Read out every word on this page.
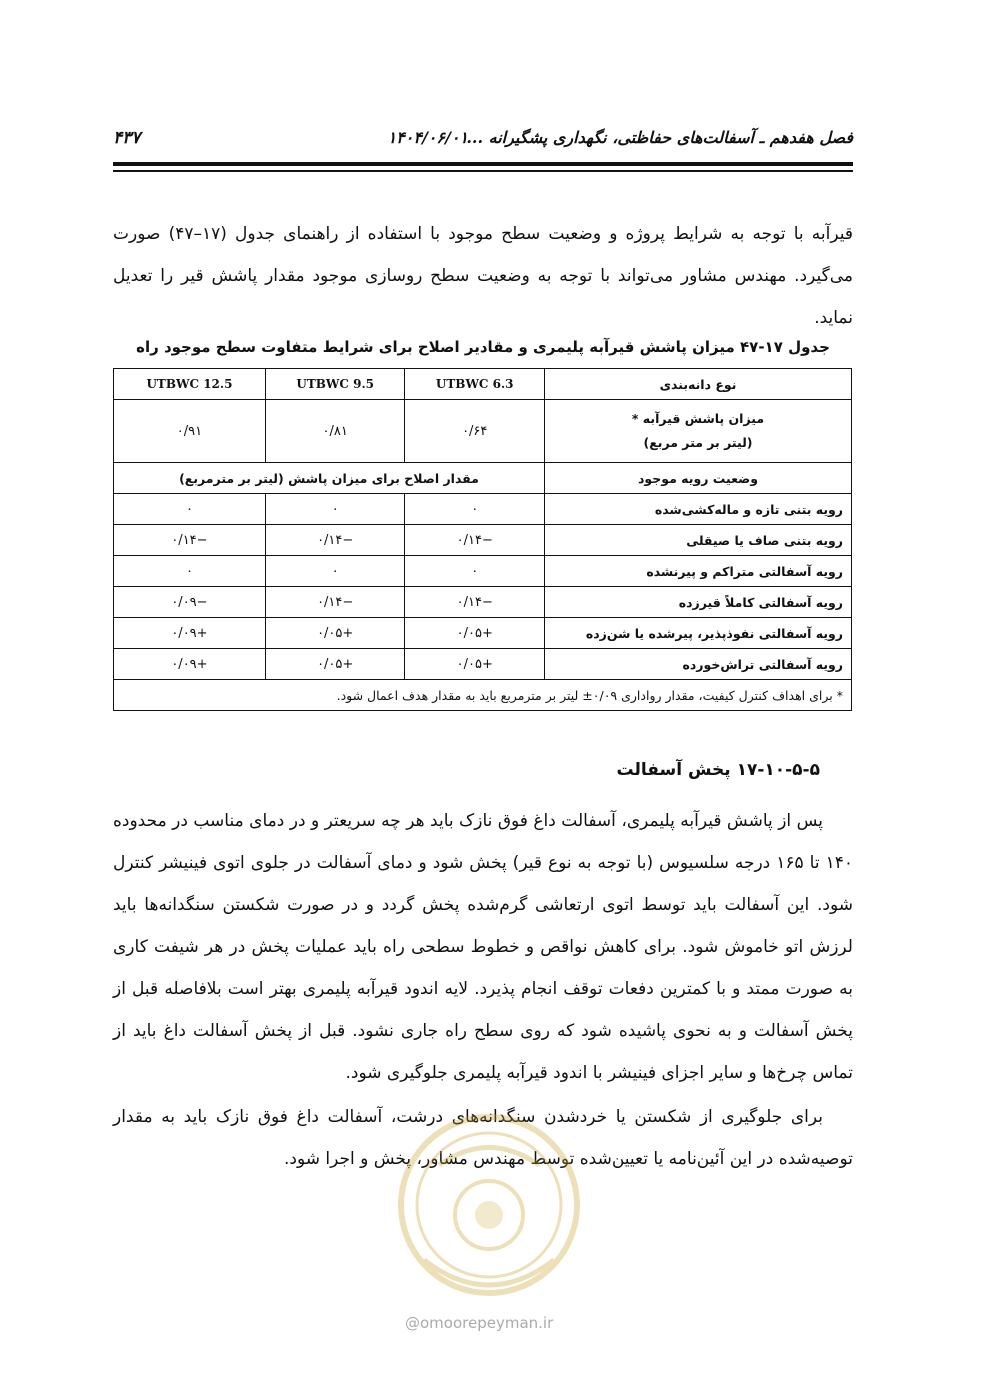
فصل هفدهم ـ آسفالت‌های حفاظتی، نگهداری پشگیرانه ...
۱۴۰۴/۰۶/۰۱
۴۳۷
قیرآبه با توجه به شرایط پروژه و وضعیت سطح موجود با استفاده از راهنمای جدول (۱۷–۴۷) صورت می‌گیرد. مهندس مشاور می‌تواند با توجه به وضعیت سطح روسازی موجود مقدار پاشش قیر را تعدیل نماید.
جدول ۱۷-۴۷ میزان پاشش قیرآبه پلیمری و مقادیر اصلاح برای شرایط متفاوت سطح موجود راه
نوع دانه‌بندی	UTBWC 6.3	UTBWC 9.5	UTBWC 12.5

میزان پاشش قیرآبه *
(لیتر بر متر مربع)	۰/۶۴	۰/۸۱	۰/۹۱
وضعیت رویه موجود	مقدار اصلاح برای میزان پاشش (لیتر بر مترمربع)		
رویه بتنی تازه و ماله‌کشی‌شده	۰	۰	۰
رویه بتنی صاف یا صیقلی	−۰/۱۴	−۰/۱۴	−۰/۱۴
رویه آسفالتی متراکم و پیرنشده	۰	۰	۰
رویه آسفالتی کاملاً قیرزده	−۰/۱۴	−۰/۱۴	−۰/۰۹
رویه آسفالتی نفوذپذیر، پیرشده یا شن‌زده	+۰/۰۵	+۰/۰۵	+۰/۰۹
رویه آسفالتی تراش‌خورده	+۰/۰۵	+۰/۰۵	+۰/۰۹
* برای اهداف کنترل کیفیت، مقدار رواداری ۰/۰۹± لیتر بر مترمربع باید به مقدار هدف اعمال شود.			
۱۷-۱۰-۵-۵ پخش آسفالت
پس از پاشش قیرآبه پلیمری، آسفالت داغ فوق نازک باید هر چه سریعتر و در دمای مناسب در محدوده ۱۴۰ تا ۱۶۵ درجه سلسیوس (با توجه به نوع قیر) پخش شود و دمای آسفالت در جلوی اتوی فینیشر کنترل شود. این آسفالت باید توسط اتوی ارتعاشی گرم‌شده پخش گردد و در صورت شکستن سنگدانه‌ها باید لرزش اتو خاموش شود. برای کاهش نواقص و خطوط سطحی راه باید عملیات پخش در هر شیفت کاری به صورت ممتد و با کمترین دفعات توقف انجام پذیرد. لایه اندود قیرآبه پلیمری بهتر است بلافاصله قبل از پخش آسفالت و به نحوی پاشیده شود که روی سطح راه جاری نشود. قبل از پخش آسفالت داغ باید از تماس چرخ‌ها و سایر اجزای فینیشر با اندود قیرآبه پلیمری جلوگیری شود.
برای جلوگیری از شکستن یا خردشدن سنگدانه‌های درشت، آسفالت داغ فوق نازک باید به مقدار توصیه‌شده در این آئین‌نامه یا تعیین‌شده توسط مهندس مشاور، پخش و اجرا شود.
@omoorepeyman.ir
